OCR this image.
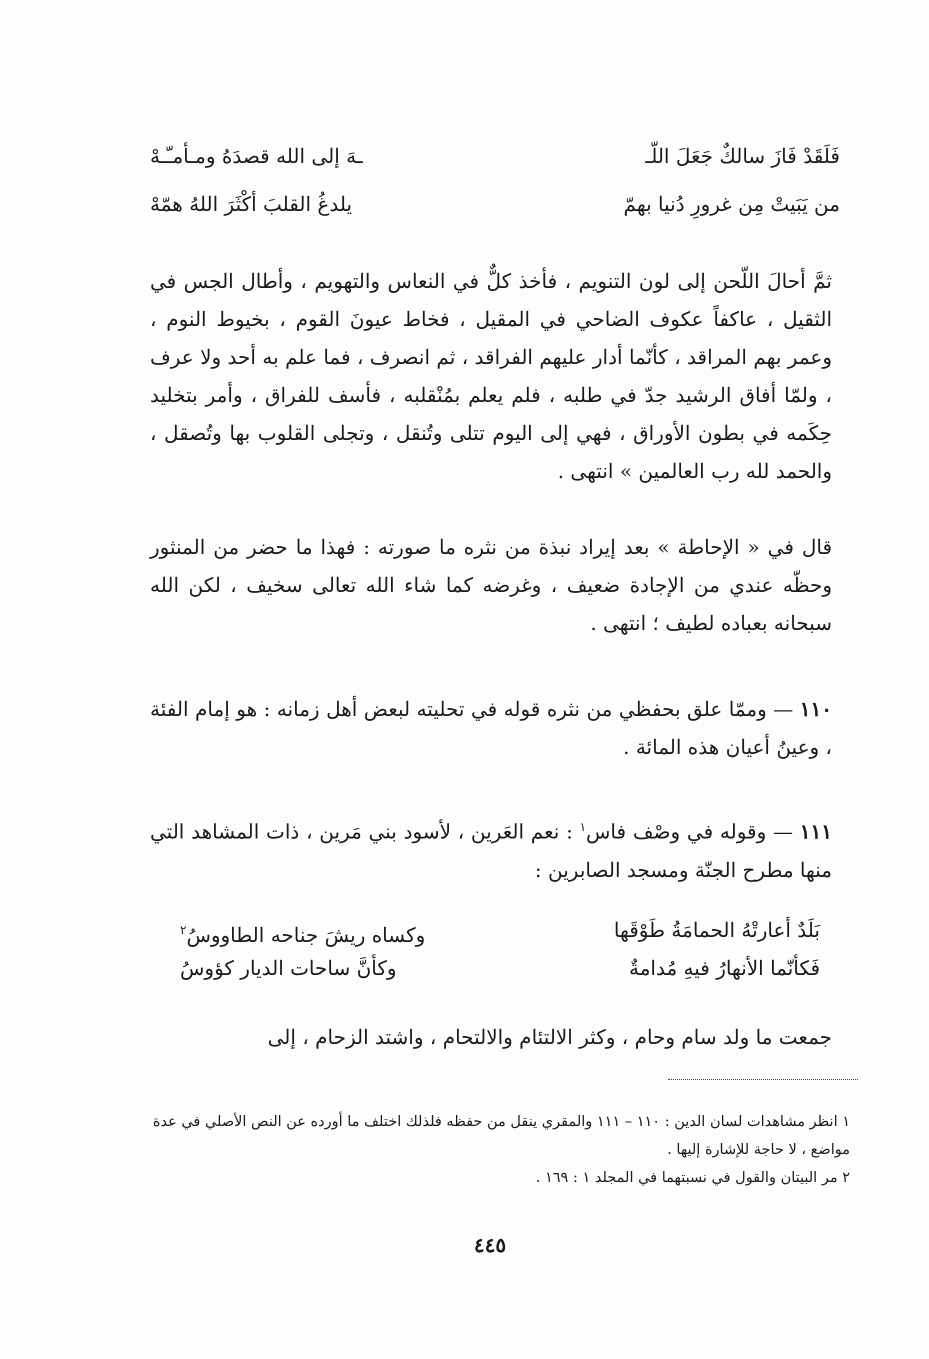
فَلَقَدْ فَازَ سالكٌ جَعَلَ اللّـ
ـهَ إلى الله قصدَهُ ومـأمـّـهْ
من يَبَيتْ مِن غرورِ دُنيا بهمّ
يلدغُ القلبَ أكْثَرَ اللهُ همّهْ

ثمَّ أحالَ اللّحن إلى لون التنويم ، فأخذ كلٌّ في النعاس والتهويم ، وأطال الجس في الثقيل ، عاكفاً عكوف الضاحي في المقيل ، فخاط عيونَ القوم ، بخيوط النوم ، وعمر بهم المراقد ، كأنّما أدار عليهم الفراقد ، ثم انصرف ، فما علم به أحد ولا عرف ، ولمّا أفاق الرشيد جدّ في طلبه ، فلم يعلم بمُنْقلبه ، فأسف للفراق ، وأمر بتخليد حِكَمه في بطون الأوراق ، فهي إلى اليوم تتلى وتُنقل ، وتجلى القلوب بها وتُصقل ، والحمد لله رب العالمين » انتهى .

قال في « الإحاطة » بعد إيراد نبذة من نثره ما صورته : فهذا ما حضر من المنثور وحظّه عندي من الإجادة ضعيف ، وغرضه كما شاء الله تعالى سخيف ، لكن الله سبحانه بعباده لطيف ؛ انتهى .

١١٠ — وممّا علق بحفظي من نثره قوله في تحليته لبعض أهل زمانه : هو إمام الفئة ، وعينُ أعيان هذه المائة .

١١١ — وقوله في وصْف فاس$^١$ : نعم العَرين ، لأسود بني مَرين ، ذات المشاهد التي منها مطرح الجنّة ومسجد الصابرين :

بَلَدٌ أعارتْهُ الحمامَةُ طَوْقَها
وكساه ريشَ جناحه الطاووسُ$^٢$
فَكأنّما الأنهارُ فيهِ مُدامةٌ
وكأنَّ ساحات الديار كؤوسُ

جمعت ما ولد سام وحام ، وكثر الالتئام والالتحام ، واشتد الزحام ، إلى

١ انظر مشاهدات لسان الدين : ١١٠ – ١١١ والمقري ينقل من حفظه فلذلك اختلف ما أورده عن النص الأصلي في عدة مواضع ، لا حاجة للإشارة إليها .

٢ مر البيتان والقول في نسبتهما في المجلد ١ : ١٦٩ .

٤٤٥
